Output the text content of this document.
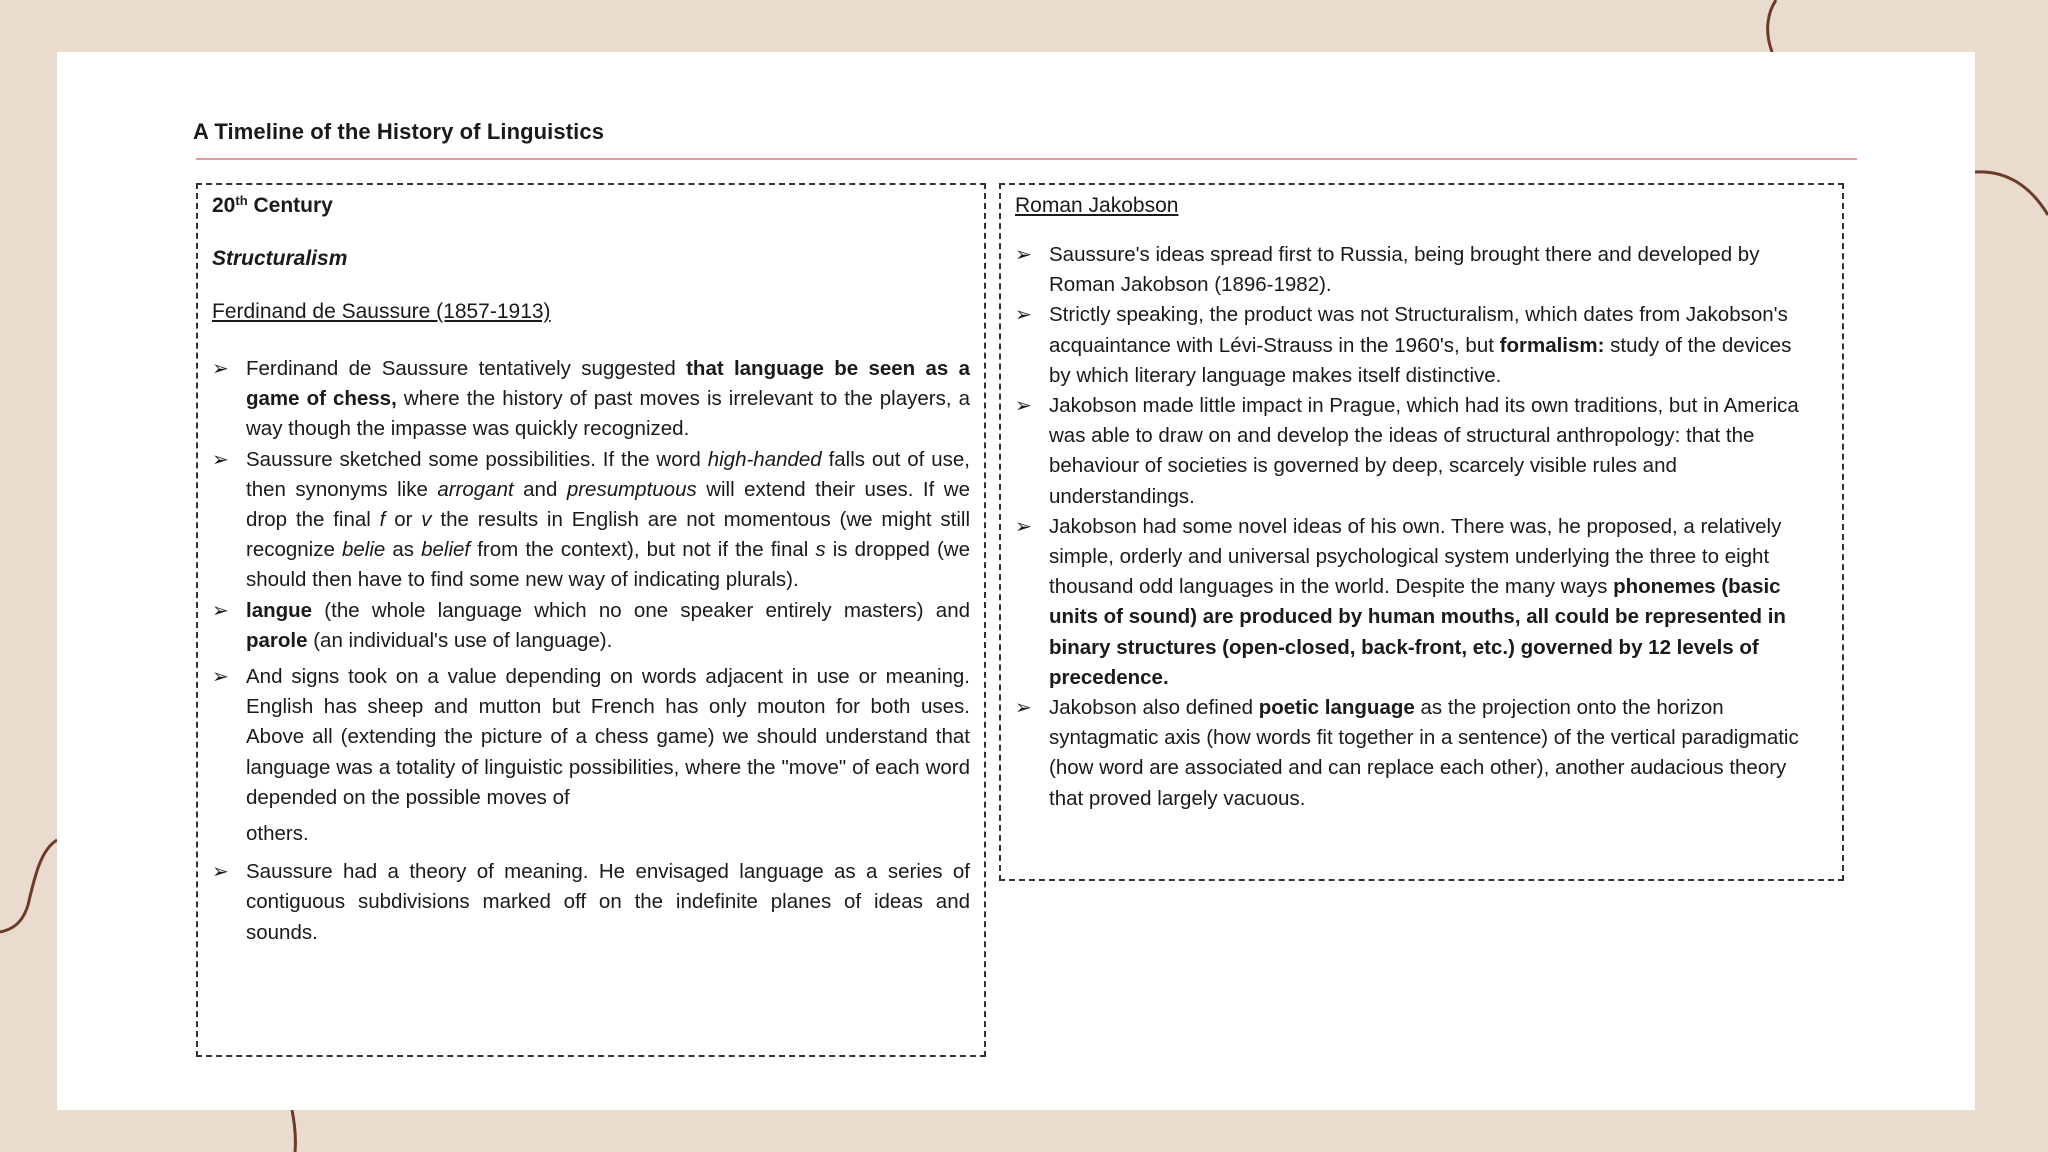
A Timeline of the History of Linguistics
20th Century
Structuralism
Ferdinand de Saussure (1857-1913)
➢ Ferdinand de Saussure tentatively suggested that language be seen as a game of chess, where the history of past moves is irrelevant to the players, a way though the impasse was quickly recognized.
➢ Saussure sketched some possibilities. If the word high-handed falls out of use, then synonyms like arrogant and presumptuous will extend their uses. If we drop the final f or v the results in English are not momentous (we might still recognize belie as belief from the context), but not if the final s is dropped (we should then have to find some new way of indicating plurals).
➢ langue (the whole language which no one speaker entirely masters) and parole (an individual's use of language).
➢ And signs took on a value depending on words adjacent in use or meaning. English has sheep and mutton but French has only mouton for both uses. Above all (extending the picture of a chess game) we should understand that language was a totality of linguistic possibilities, where the "move" of each word depended on the possible moves of
others.
➢ Saussure had a theory of meaning. He envisaged language as a series of contiguous subdivisions marked off on the indefinite planes of ideas and sounds.
Roman Jakobson
➢ Saussure's ideas spread first to Russia, being brought there and developed by Roman Jakobson (1896-1982).
➢ Strictly speaking, the product was not Structuralism, which dates from Jakobson's acquaintance with Lévi-Strauss in the 1960's, but formalism: study of the devices by which literary language makes itself distinctive.
➢ Jakobson made little impact in Prague, which had its own traditions, but in America was able to draw on and develop the ideas of structural anthropology: that the behaviour of societies is governed by deep, scarcely visible rules and understandings.
➢ Jakobson had some novel ideas of his own. There was, he proposed, a relatively simple, orderly and universal psychological system underlying the three to eight thousand odd languages in the world. Despite the many ways phonemes (basic units of sound) are produced by human mouths, all could be represented in binary structures (open-closed, back-front, etc.) governed by 12 levels of precedence.
➢ Jakobson also defined poetic language as the projection onto the horizon syntagmatic axis (how words fit together in a sentence) of the vertical paradigmatic (how word are associated and can replace each other), another audacious theory that proved largely vacuous.
